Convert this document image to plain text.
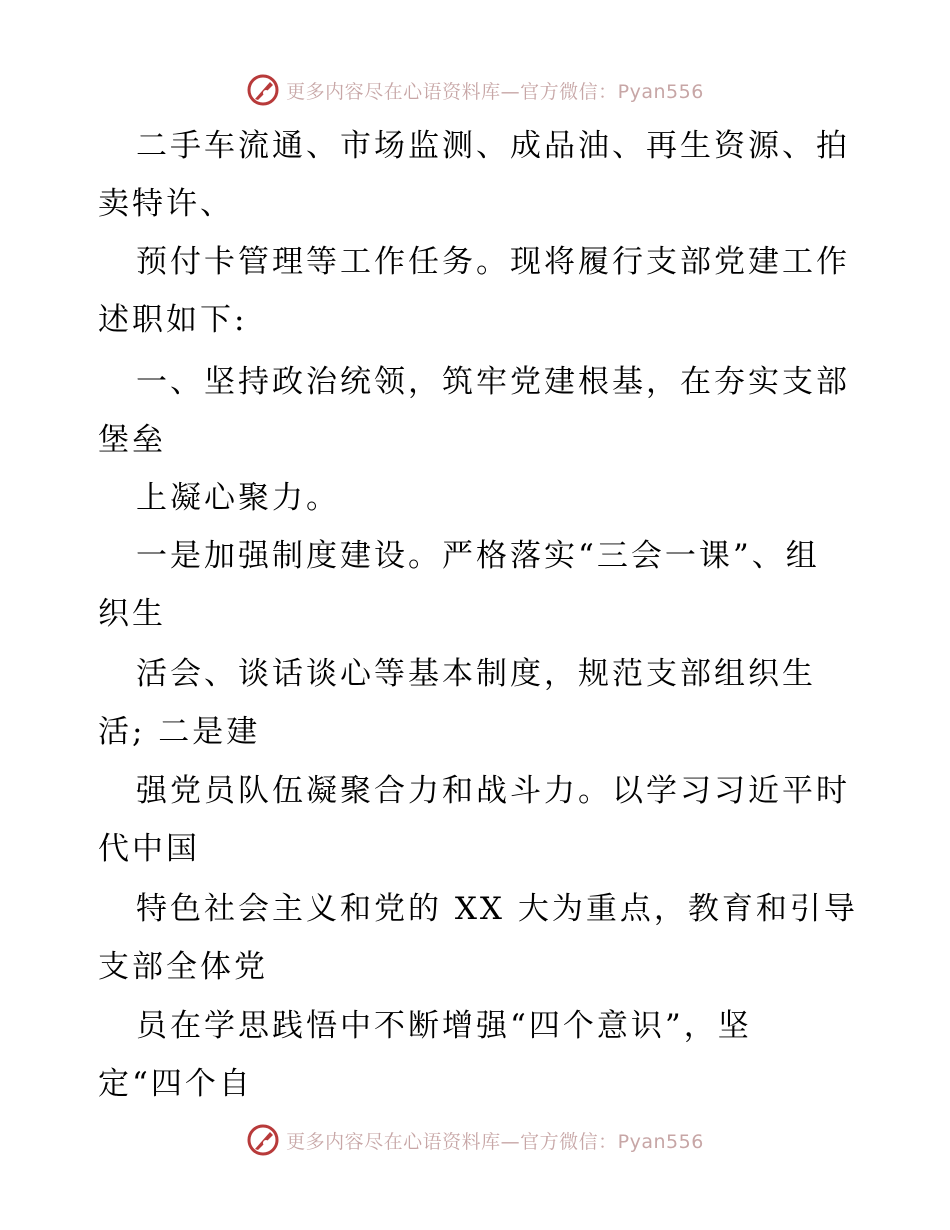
更多内容尽在心语资料库—官方微信：Pyan556
二手车流通、市场监测、成品油、再生资源、拍
卖特许、
预付卡管理等工作任务。现将履行支部党建工作
述职如下:
一、坚持政治统领，筑牢党建根基，在夯实支部
堡垒
上凝心聚力。
一是加强制度建设。严格落实“三会一课”、组
织生
活会、谈话谈心等基本制度，规范支部组织生
活; 二是建
强党员队伍凝聚合力和战斗力。以学习习近平时
代中国
特色社会主义和党的 XX 大为重点，教育和引导
支部全体党
员在学思践悟中不断增强“四个意识”，坚
定“四个自
更多内容尽在心语资料库—官方微信：Pyan556
